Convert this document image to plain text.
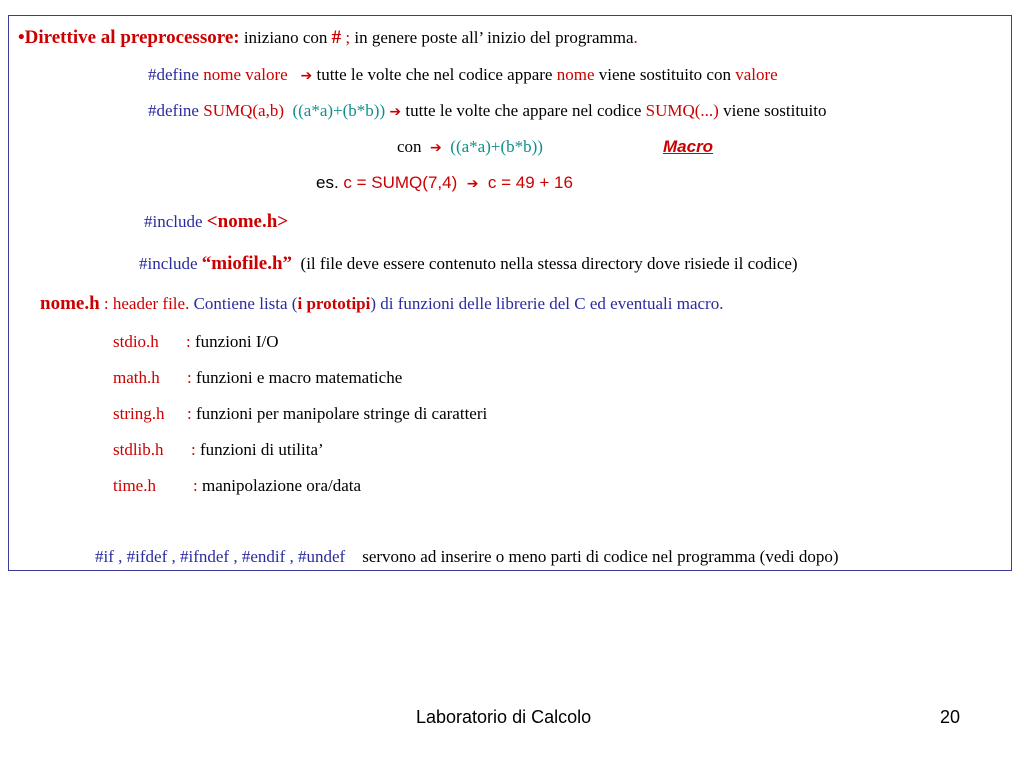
•Direttive al preprocessore: iniziano con # ; in genere poste all’ inizio del programma.
#define nome valore ➔ tutte le volte che nel codice appare nome viene sostituito con valore
#define SUMQ(a,b) ((a*a)+(b*b)) ➔ tutte le volte che appare nel codice SUMQ(...) viene sostituito
con ➔ ((a*a)+(b*b))	Macro
es. c = SUMQ(7,4) ➔ c = 49 + 16
#include <nome.h>
#include “miofile.h” (il file deve essere contenuto nella stessa directory dove risiede il codice)
nome.h : header file. Contiene lista (i prototipi) di funzioni delle librerie del C ed eventuali macro.
stdio.h : funzioni I/O
math.h : funzioni e macro matematiche
string.h : funzioni per manipolare stringe di caratteri
stdlib.h : funzioni di utilita’
time.h : manipolazione ora/data
#if , #ifdef , #ifndef , #endif , #undef servono ad inserire o meno parti di codice nel programma (vedi dopo)
Laboratorio di Calcolo	20
